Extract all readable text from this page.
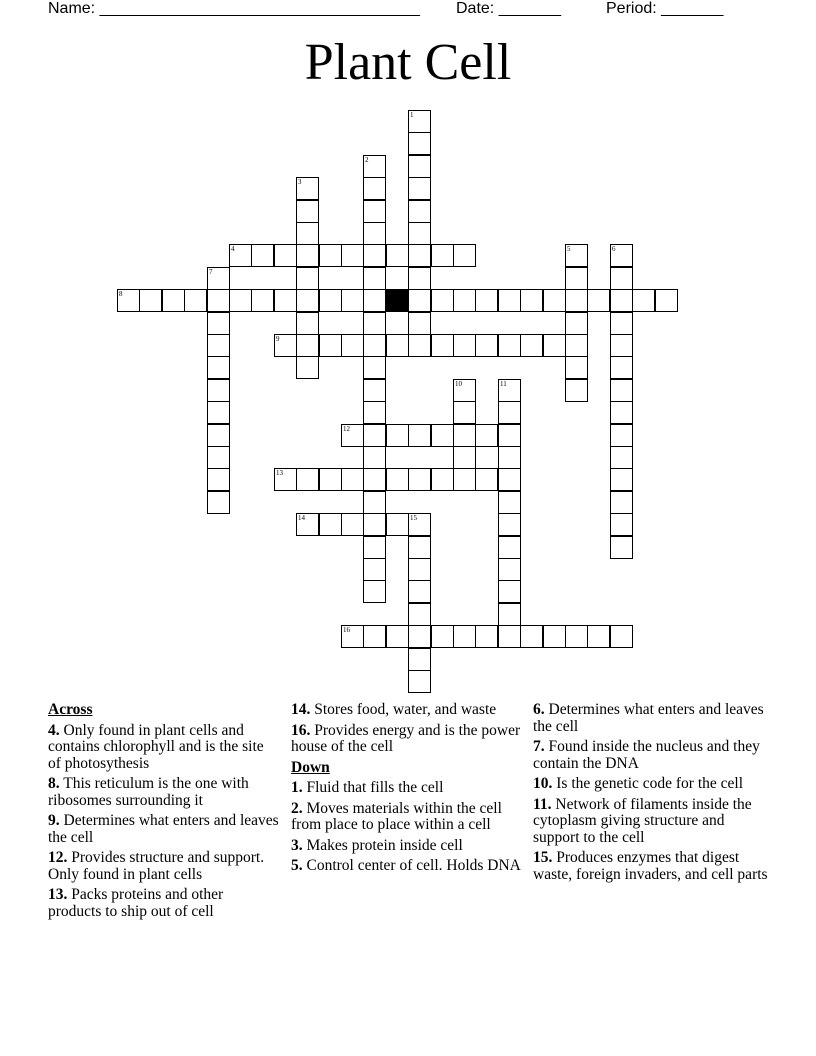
Name: ____________________________________ Date: _______	Period: _______
Plant Cell
1
2
3
4	5	6
7
8
9
10	11
12
13
14	15
16
Across
4. Only found in plant cells and contains chlorophyll and is the site of photosythesis
8. This reticulum is the one with ribosomes surrounding it
9. Determines what enters and leaves the cell
12. Provides structure and support. Only found in plant cells
13. Packs proteins and other products to ship out of cell
14. Stores food, water, and waste
16. Provides energy and is the power house of the cell
Down
1. Fluid that fills the cell
2. Moves materials within the cell from place to place within a cell
3. Makes protein inside cell
5. Control center of cell. Holds DNA
6. Determines what enters and leaves the cell
7. Found inside the nucleus and they contain the DNA
10. Is the genetic code for the cell
11. Network of filaments inside the cytoplasm giving structure and support to the cell
15. Produces enzymes that digest waste, foreign invaders, and cell parts
